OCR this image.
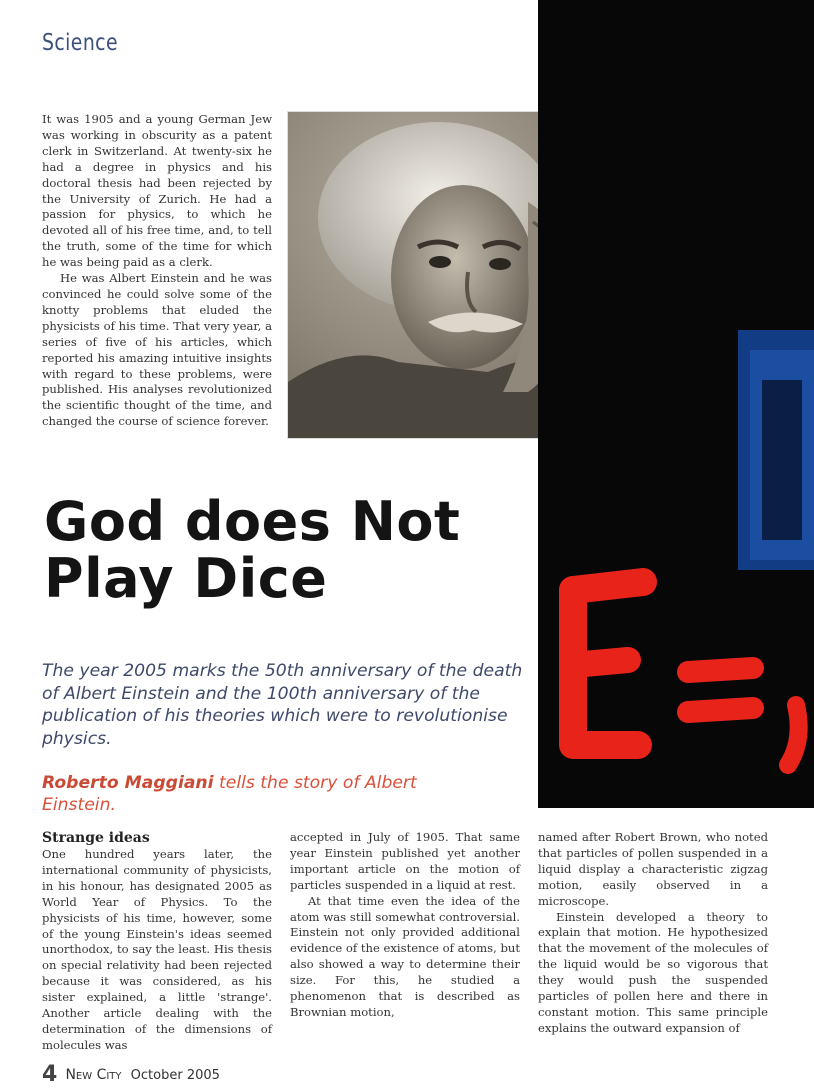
Science

It was 1905 and a young German Jew was working in obscurity as a patent clerk in Switzerland. At twenty-six he had a degree in physics and his doctoral thesis had been rejected by the University of Zurich. He had a passion for physics, to which he devoted all of his free time, and, to tell the truth, some of the time for which he was being paid as a clerk.

He was Albert Einstein and he was convinced he could solve some of the knotty problems that eluded the physicists of his time. That very year, a series of five of his articles, which reported his amazing intuitive insights with regard to these problems, were published. His analyses revolutionized the scientific thought of the time, and changed the course of science forever.

God does Not
Play Dice

The year 2005 marks the 50th anniversary of the death of Albert Einstein and the 100th anniversary of the publication of his theories which were to revolutionise physics.

Roberto Maggiani tells the story of Albert Einstein.

Strange ideas

One hundred years later, the international community of physicists, in his honour, has designated 2005 as World Year of Physics. To the physicists of his time, however, some of the young Einstein's ideas seemed unorthodox, to say the least. His thesis on special relativity had been rejected because it was considered, as his sister explained, a little 'strange'. Another article dealing with the determination of the dimensions of molecules was

accepted in July of 1905. That same year Einstein published yet another important article on the motion of particles suspended in a liquid at rest.

At that time even the idea of the atom was still somewhat controversial. Einstein not only provided additional evidence of the existence of atoms, but also showed a way to determine their size. For this, he studied a phenomenon that is described as Brownian motion,

named after Robert Brown, who noted that particles of pollen suspended in a liquid display a characteristic zigzag motion, easily observed in a microscope.

Einstein developed a theory to explain that motion. He hypothesized that the movement of the molecules of the liquid would be so vigorous that they would push the suspended particles of pollen here and there in constant motion. This same principle explains the outward expansion of

4 New City October 2005
